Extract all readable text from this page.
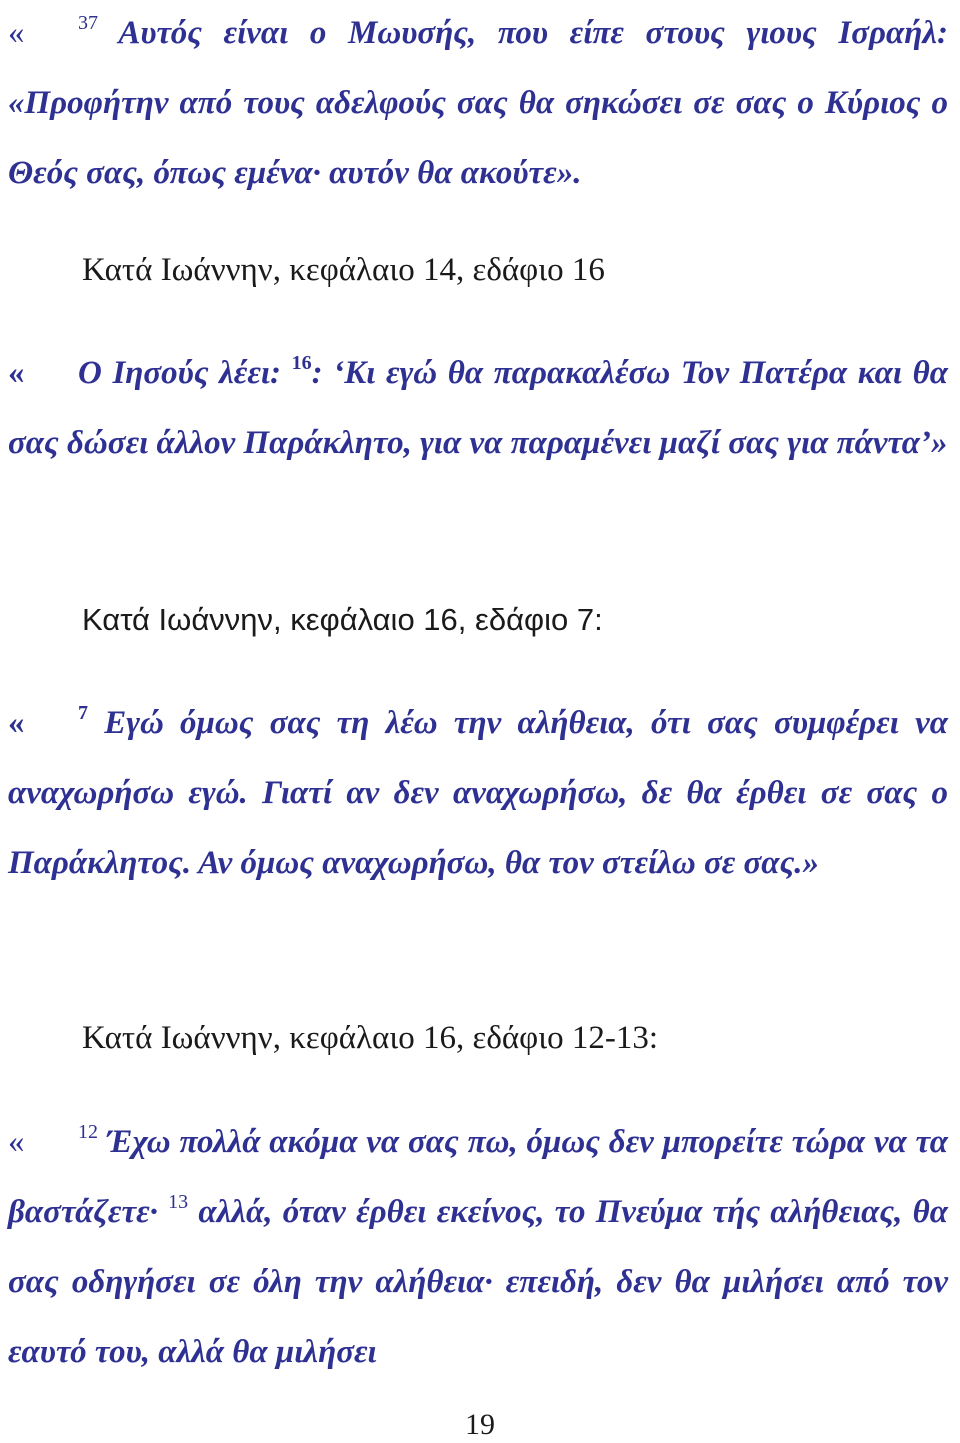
«	$^{37}$ Αυτός είναι ο Μωυσής, που είπε στους γιους Ισραήλ: «Προφήτην από τους αδελφούς σας θα σηκώσει σε σας ο Κύριος ο Θεός σας, όπως εμένα· αυτόν θα ακούτε».

Κατά Ιωάννην, κεφάλαιο 14, εδάφιο 16

« Ο Ιησούς λέει: $^{16}$: ‘Κι εγώ θα παρακαλέσω Τον Πατέρα και θα σας δώσει άλλον Παράκλητο, για να παραμένει μαζί σας για πάντα’»

Κατά Ιωάννην, κεφάλαιο 16, εδάφιο 7:

«	$^7$ Εγώ όμως σας τη λέω την αλήθεια, ότι σας συμφέρει να αναχωρήσω εγώ. Γιατί αν δεν αναχωρήσω, δε θα έρθει σε σας ο Παράκλητος. Αν όμως αναχωρήσω, θα τον στείλω σε σας.»

Κατά Ιωάννην, κεφάλαιο 16, εδάφιο 12-13:

«	$^{12}$ Έχω πολλά ακόμα να σας πω, όμως δεν μπορείτε τώρα να τα βαστάζετε· $^{13}$ αλλά, όταν έρθει εκείνος, το Πνεύμα τής αλήθειας, θα σας οδηγήσει σε όλη την αλήθεια· επειδή, δεν θα μιλήσει από τον εαυτό του, αλλά θα μιλήσει

19
